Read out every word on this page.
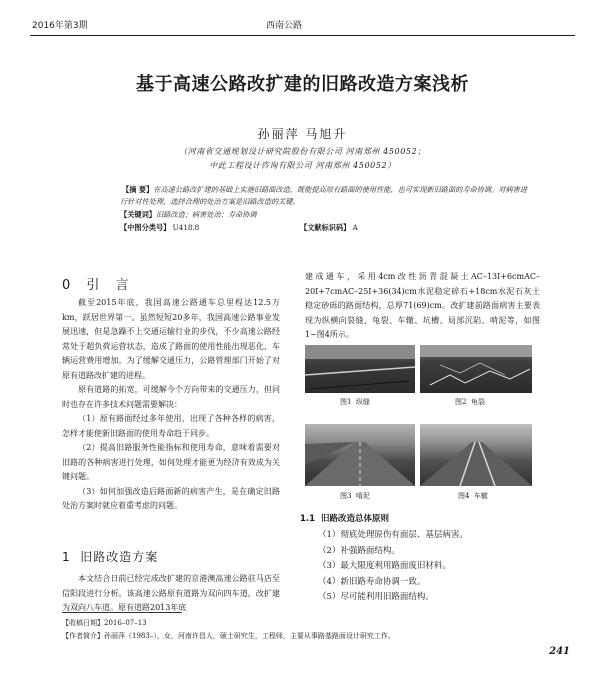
2016年第3期	西南公路
基于高速公路改扩建的旧路改造方案浅析
孙丽萍 马旭升
（河南省交通规划设计研究院股份有限公司 河南郑州 450052；
中此工程设计咨询有限公司 河南郑州 450052）
【摘 要】在高速公路改扩建的基础上实施旧路面改造，既能提高原有路面的使用性能，也可实现新旧路面的寿命协调。对病害进行针对性处理，选择合理的处治方案是旧路改造的关键。
【关键词】旧路改造；病害处治；寿命协调
【中图分类号】 U418.8	【文献标识码】 A
0 引 言

截至2015年底，我国高速公路通车总里程达12.5万km，跃居世界第一。虽然短短20多年，我国高速公路事业发展迅速，但是急躁不上交通运输行业的步伐，不少高速公路经常处于超负荷运营状态，造成了路面的使用性能出现恶化、车辆运营费用增加。为了缓解交通压力，公路管理部门开始了对原有道路改扩建的进程。

原有道路的拓宽，可缓解今个方向带来的交通压力，但同时也存在许多技术问题需要解决：

（1）原有路面经过多年使用，出现了各种各样的病害，怎样才能使新旧路面的使用寿命趋于同步。

（2）提高旧路服务性能指标和使用寿命，意味着需要对旧路的各种病害进行处理，如何处理才能更为经济有效成为关键问题。

（3）如何加强改造后路面新的病害产生，是在确定旧路处治方案时就应着重考虑的问题。

1 旧路改造方案

本文结合日前已经完成改扩建的京港澳高速公路驻马店至信阳段进行分析。该高速公路原有道路为双向四车道，改扩建为双向八车道。原有道路2013年底

建成通车，采用4cm改性沥青混凝土AC–13I+6cmAC–20I+7cmAC–25I+36(34)cm水泥稳定碎石+18cm水泥石灰土稳定砂砾的路面结构，总厚71(69)cm。改扩建前路面病害主要表现为纵横向裂缝、龟裂、车辙、坑槽、局部沉陷、啃泥等，如图1~图4所示。

图1 纵缝	图2 龟裂
图3 啃泥	图4 车辙
1.1 旧路改造总体原则
（1）彻底处理原伤有面层、基层病害。
（2）补强路面结构。
（3）最大限度利用路面废旧材料。
（4）新旧路寿命协调一致。
（5）尽可能利用旧路面结构。
【收稿日期】2016–07–13
【作者简介】孙丽萍（1983–），女，河南许昌人，硕士研究生，工程师，主要从事路基路面设计研究工作。
241
